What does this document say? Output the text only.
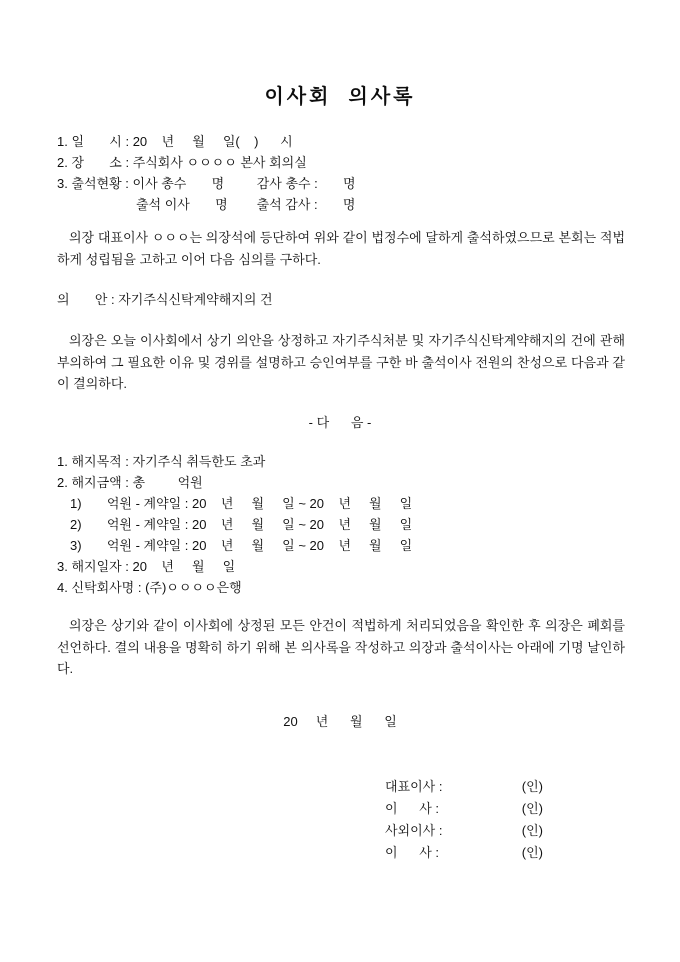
이사회  의사록
1. 일       시 : 20    년     월     일(    )      시
2. 장       소 : 주식회사 ㅇㅇㅇㅇ 본사 회의실
3. 출석현황 : 이사 총수       명         감사 총수 :       명
출석 이사       명        출석 감사 :       명

의장 대표이사 ㅇㅇㅇ는 의장석에 등단하여 위와 같이 법정수에 달하게 출석하였으므로 본회는 적법하게 성립됨을 고하고 이어 다음 심의를 구하다.

의       안 : 자기주식신탁계약해지의 건

의장은 오늘 이사회에서 상기 의안을 상정하고 자기주식처분 및 자기주식신탁계약해지의 건에 관해 부의하여 그 필요한 이유 및 경위를 설명하고 승인여부를 구한 바 출석이사 전원의 찬성으로 다음과 같이 결의하다.

- 다      음 -
1. 해지목적 : 자기주식 취득한도 초과
2. 해지금액 : 총         억원
1)       억원 - 계약일 : 20    년     월     일 ~ 20    년     월     일
2)       억원 - 계약일 : 20    년     월     일 ~ 20    년     월     일
3)       억원 - 계약일 : 20    년     월     일 ~ 20    년     월     일
3. 해지일자 : 20    년     월     일
4. 신탁회사명 : (주)ㅇㅇㅇㅇ은행

의장은 상기와 같이 이사회에 상정된 모든 안건이 적법하게 처리되었음을 확인한 후 의장은 폐회를 선언하다. 결의 내용을 명확히 하기 위해 본 의사록을 작성하고 의장과 출석이사는 아래에 기명 날인하다.

20     년      월      일
대표이사 :	(인)
이      사 :	(인)
사외이사 :	(인)
이      사 :	(인)
